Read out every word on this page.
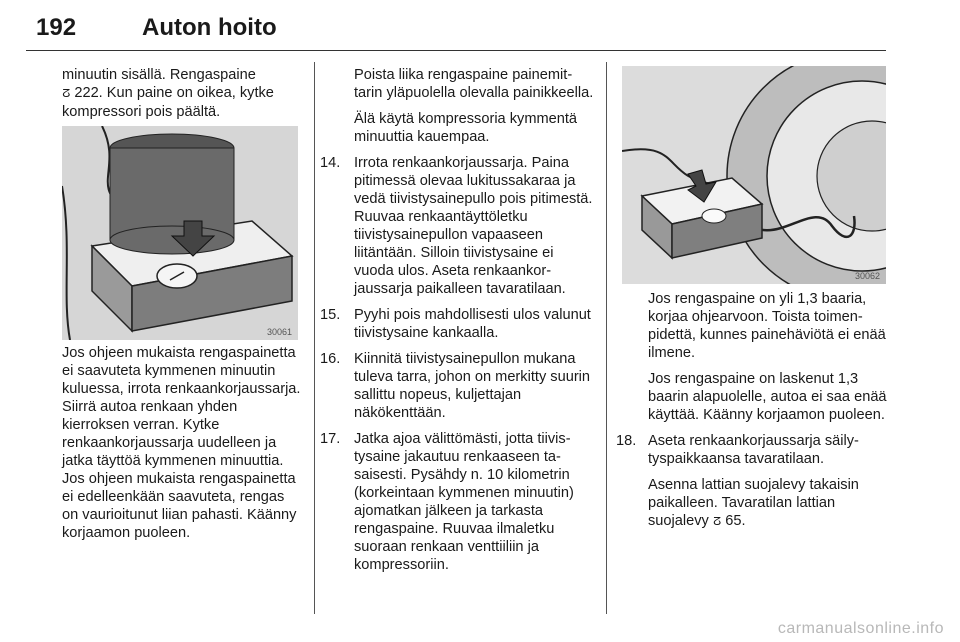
192	Auton hoito

minuutin sisällä. Rengaspaine
ⵒ 222. Kun paine on oikea, kytke kompressori pois päältä.

30061

Jos ohjeen mukaista rengaspainetta ei saavuteta kymmenen minuutin kuluessa, irrota renkaankorjaussarja. Siirrä autoa renkaan yhden kierroksen verran. Kytke renkaankorjaussarja uudelleen ja jatka täyttöä kymmenen minuuttia. Jos ohjeen mukaista rengaspainetta ei edelleenkään saavuteta, rengas on vaurioitunut liian pahasti. Käänny korjaamon puoleen.

Poista liika rengaspaine painemittarin yläpuolella olevalla painikkeella.

Älä käytä kompressoria kymmentä minuuttia kauempaa.

14. Irrota renkaankorjaussarja. Paina pitimessä olevaa lukitussakaraa ja vedä tiivistysainepullo pois pitimestä. Ruuvaa renkaantäyttöletku tiivistysainepullon vapaaseen liitäntään. Silloin tiivistysaine ei vuoda ulos. Aseta renkaankorjaussarja paikalleen tavaratilaan.
15. Pyyhi pois mahdollisesti ulos valunut tiivistysaine kankaalla.
16. Kiinnitä tiivistysainepullon mukana tuleva tarra, johon on merkitty suurin sallittu nopeus, kuljettajan näkökenttään.
17. Jatka ajoa välittömästi, jotta tiivistysaine jakautuu renkaaseen tasaisesti. Pysähdy n. 10 kilometrin (korkeintaan kymmenen minuutin) ajomatkan jälkeen ja tarkasta rengaspaine. Ruuvaa ilmaletku suoraan renkaan venttiiliin ja kompressoriin.
30062

Jos rengaspaine on yli 1,3 baaria, korjaa ohjearvoon. Toista toimenpidettä, kunnes painehäviötä ei enää ilmene.

Jos rengaspaine on laskenut 1,3 baarin alapuolelle, autoa ei saa enää käyttää. Käänny korjaamon puoleen.

18. Aseta renkaankorjaussarja säilytyspaikkaansa tavaratilaan.

Asenna lattian suojalevy takaisin paikalleen. Tavaratilan lattian suojalevy ⵒ 65.

carmanualsonline.info
